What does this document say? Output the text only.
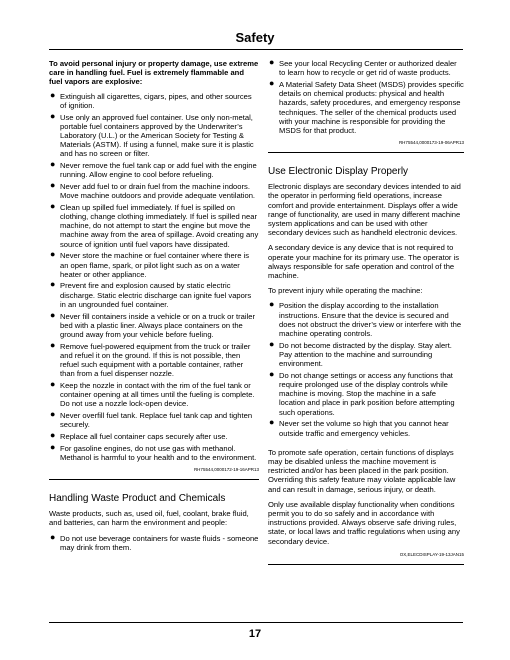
Safety

To avoid personal injury or property damage, use extreme care in handling fuel. Fuel is extremely flammable and fuel vapors are explosive:

● Extinguish all cigarettes, cigars, pipes, and other sources of ignition.
● Use only an approved fuel container. Use only non-metal, portable fuel containers approved by the Underwriter’s Laboratory (U.L.) or the American Society for Testing & Materials (ASTM). If using a funnel, make sure it is plastic and has no screen or filter.
● Never remove the fuel tank cap or add fuel with the engine running. Allow engine to cool before refueling.
● Never add fuel to or drain fuel from the machine indoors. Move machine outdoors and provide adequate ventilation.
● Clean up spilled fuel immediately. If fuel is spilled on clothing, change clothing immediately. If fuel is spilled near machine, do not attempt to start the engine but move the machine away from the area of spillage. Avoid creating any source of ignition until fuel vapors have dissipated.
● Never store the machine or fuel container where there is an open flame, spark, or pilot light such as on a water heater or other appliance.
● Prevent fire and explosion caused by static electric discharge. Static electric discharge can ignite fuel vapors in an ungrounded fuel container.
● Never fill containers inside a vehicle or on a truck or trailer bed with a plastic liner. Always place containers on the ground away from your vehicle before fueling.
● Remove fuel-powered equipment from the truck or trailer and refuel it on the ground. If this is not possible, then refuel such equipment with a portable container, rather than from a fuel dispenser nozzle.
● Keep the nozzle in contact with the rim of the fuel tank or container opening at all times until the fueling is complete. Do not use a nozzle lock-open device.
● Never overfill fuel tank. Replace fuel tank cap and tighten securely.
● Replace all fuel container caps securely after use.
● For gasoline engines, do not use gas with methanol. Methanol is harmful to your health and to the environment.
RH75544,0000172-19-16APR13
Handling Waste Product and Chemicals

Waste products, such as, used oil, fuel, coolant, brake fluid, and batteries, can harm the environment and people:

● Do not use beverage containers for waste fluids - someone may drink from them.
● See your local Recycling Center or authorized dealer to learn how to recycle or get rid of waste products.
● A Material Safety Data Sheet (MSDS) provides specific details on chemical products: physical and health hazards, safety procedures, and emergency response techniques. The seller of the chemical products used with your machine is responsible for providing the MSDS for that product.
RH75544,0000173-19-06APR13
Use Electronic Display Properly

Electronic displays are secondary devices intended to aid the operator in performing field operations, increase comfort and provide entertainment. Displays offer a wide range of functionality, are used in many different machine system applications and can be used with other secondary devices such as handheld electronic devices.

A secondary device is any device that is not required to operate your machine for its primary use. The operator is always responsible for safe operation and control of the machine.

To prevent injury while operating the machine:

● Position the display according to the installation instructions. Ensure that the device is secured and does not obstruct the driver’s view or interfere with the machine operating controls.
● Do not become distracted by the display. Stay alert. Pay attention to the machine and surrounding environment.
● Do not change settings or access any functions that require prolonged use of the display controls while machine is moving. Stop the machine in a safe location and place in park position before attempting such operations.
● Never set the volume so high that you cannot hear outside traffic and emergency vehicles.

To promote safe operation, certain functions of displays may be disabled unless the machine movement is restricted and/or has been placed in the park position. Overriding this safety feature may violate applicable law and can result in damage, serious injury, or death.

Only use available display functionality when conditions permit you to do so safely and in accordance with instructions provided. Always observe safe driving rules, state, or local laws and traffic regulations when using any secondary device.

OX,ELECDISPLAY-19-13JAN15
17
